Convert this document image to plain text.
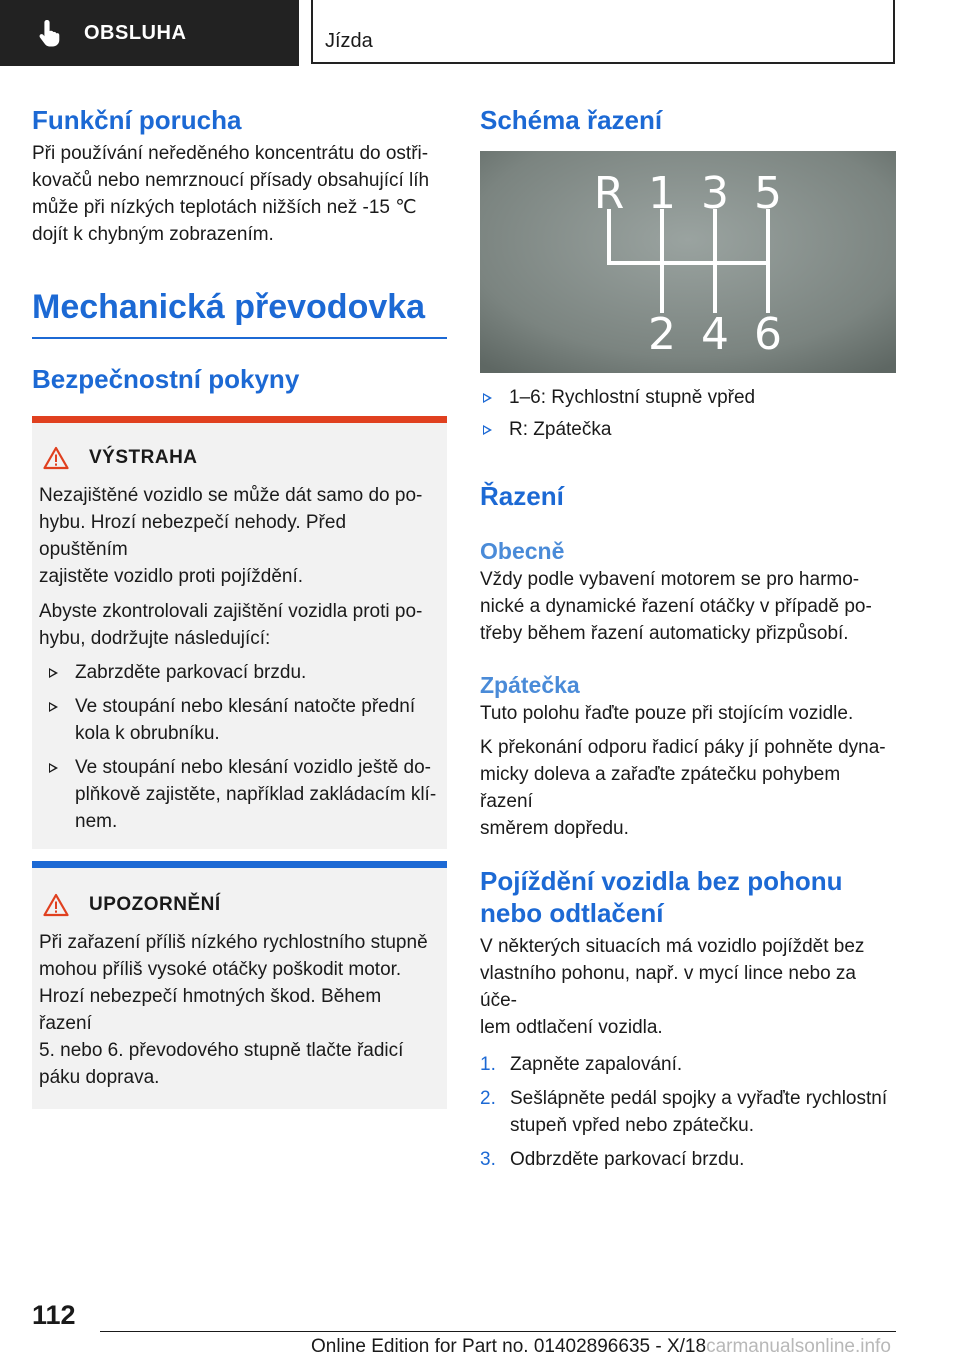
OBSLUHA	Jízda
Funkční porucha

Při používání neředěného koncentrátu do ostři-

kovačů nebo nemrznoucí přísady obsahující líh

může při nízkých teplotách nižších než -15 ℃

dojít k chybným zobrazením.

Mechanická převodovka
Bezpečnostní pokyny
VÝSTRAHA

Nezajištěné vozidlo se může dát samo do po-

hybu. Hrozí nebezpečí nehody. Před opuštěním

zajistěte vozidlo proti pojíždění.

Abyste zkontrolovali zajištění vozidla proti po-

hybu, dodržujte následující:

Zabrzděte parkovací brzdu.
Ve stoupání nebo klesání natočte přední
kola k obrubníku.
Ve stoupání nebo klesání vozidlo ještě do-
plňkově zajistěte, například zakládacím klí-
nem.
UPOZORNĚNÍ

Při zařazení příliš nízkého rychlostního stupně

mohou příliš vysoké otáčky poškodit motor.

Hrozí nebezpečí hmotných škod. Během řazení

5. nebo 6. převodového stupně tlačte řadicí

páku doprava.

Schéma řazení
R 1 3 5
2 4 6
1–6: Rychlostní stupně vpřed
R: Zpátečka
Řazení
Obecně

Vždy podle vybavení motorem se pro harmo-

nické a dynamické řazení otáčky v případě po-

třeby během řazení automaticky přizpůsobí.

Zpátečka

Tuto polohu řaďte pouze při stojícím vozidle.

K překonání odporu řadicí páky jí pohněte dyna-

micky doleva a zařaďte zpátečku pohybem řazení

směrem dopředu.

Pojíždění vozidla bez pohonu
nebo odtlačení

V některých situacích má vozidlo pojíždět bez

vlastního pohonu, např. v mycí lince nebo za úče-

lem odtlačení vozidla.

1. Zapněte zapalování.
2. Sešlápněte pedál spojky a vyřaďte rychlostní
stupeň vpřed nebo zpátečku.
3. Odbrzděte parkovací brzdu.
112
Online Edition for Part no. 01402896635 - X/18carmanualsonline.info
